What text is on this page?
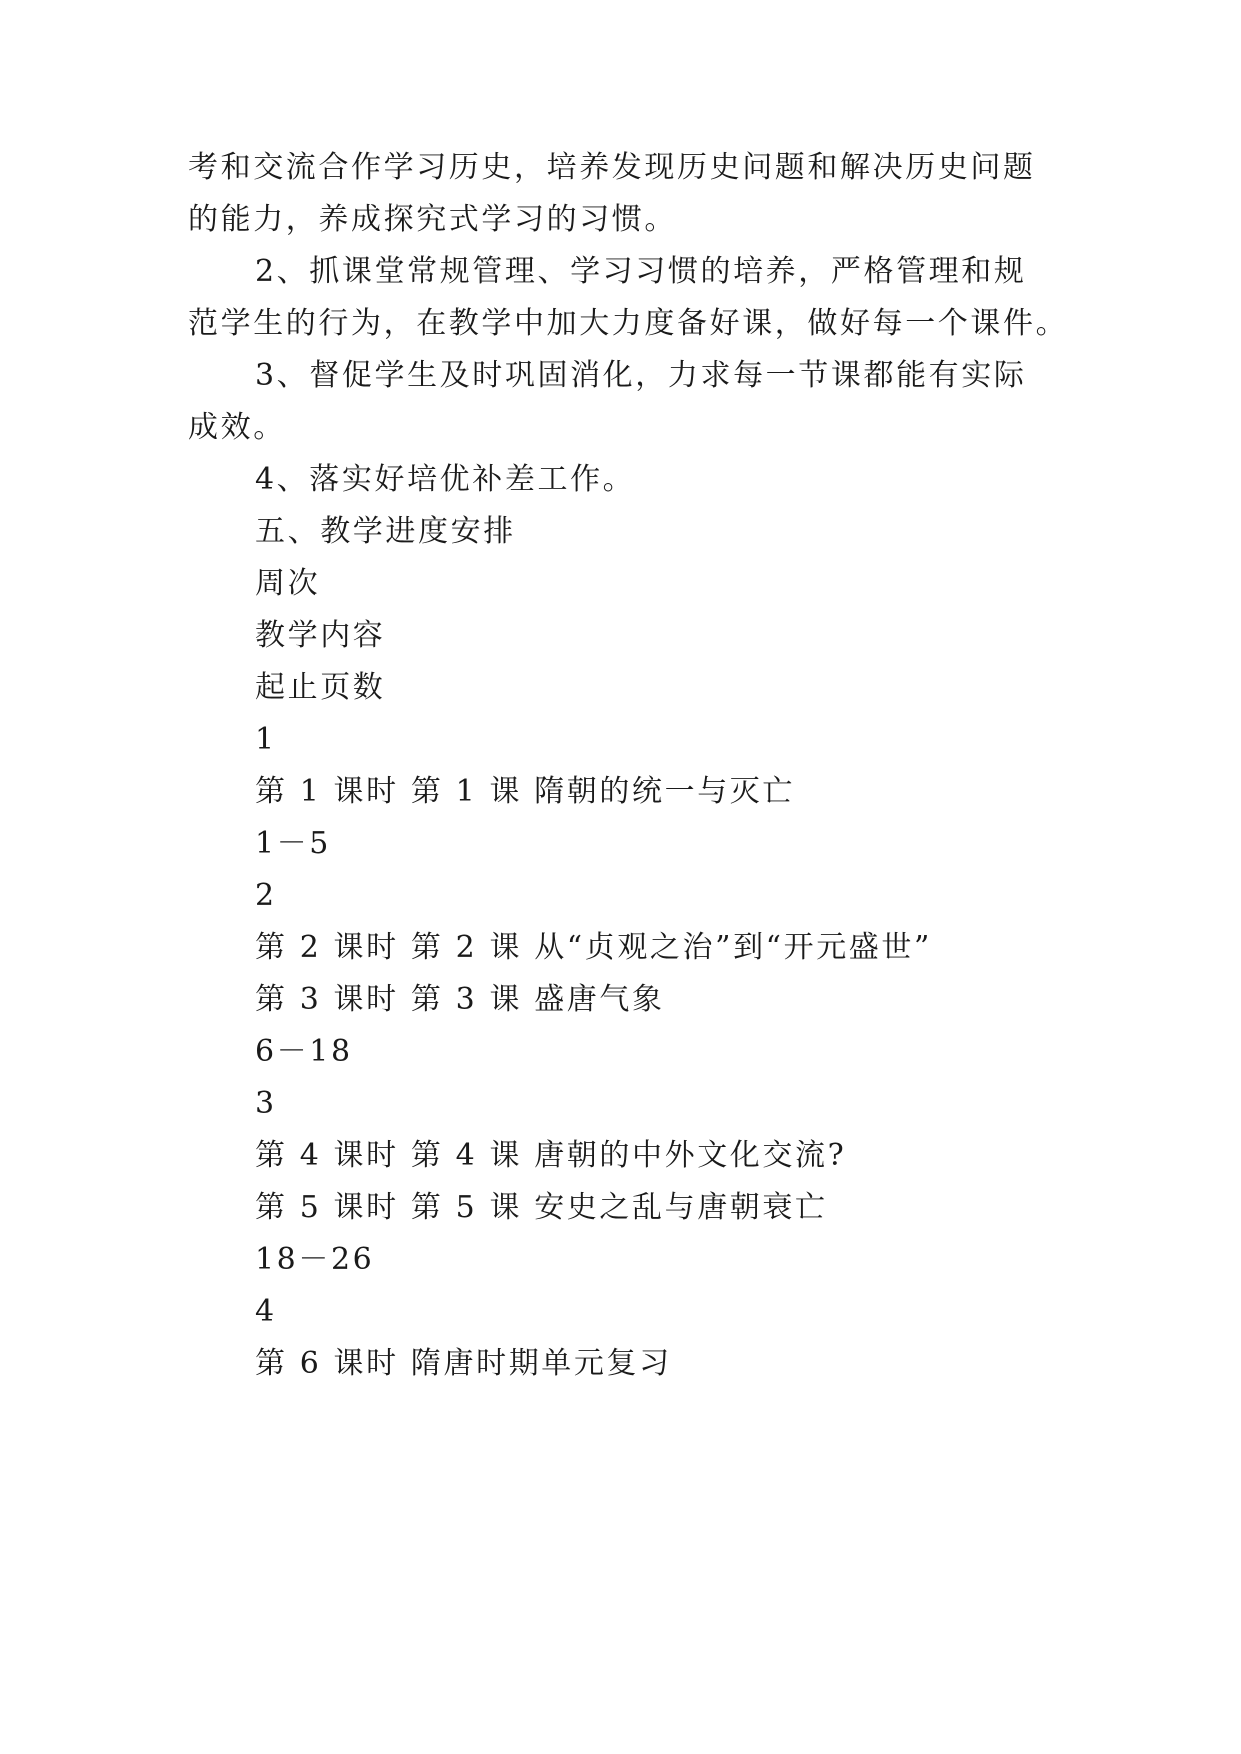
考和交流合作学习历史，培养发现历史问题和解决历史问题
的能力，养成探究式学习的习惯。
2、抓课堂常规管理、学习习惯的培养，严格管理和规
范学生的行为，在教学中加大力度备好课，做好每一个课件。
3、督促学生及时巩固消化，力求每一节课都能有实际
成效。
4、落实好培优补差工作。
五、教学进度安排
周次
教学内容
起止页数
1
第 1 课时 第 1 课 隋朝的统一与灭亡
1－5
2
第 2 课时 第 2 课 从“贞观之治”到“开元盛世”
第 3 课时 第 3 课 盛唐气象
6－18
3
第 4 课时 第 4 课 唐朝的中外文化交流?
第 5 课时 第 5 课 安史之乱与唐朝衰亡
18－26
4
第 6 课时 隋唐时期单元复习
